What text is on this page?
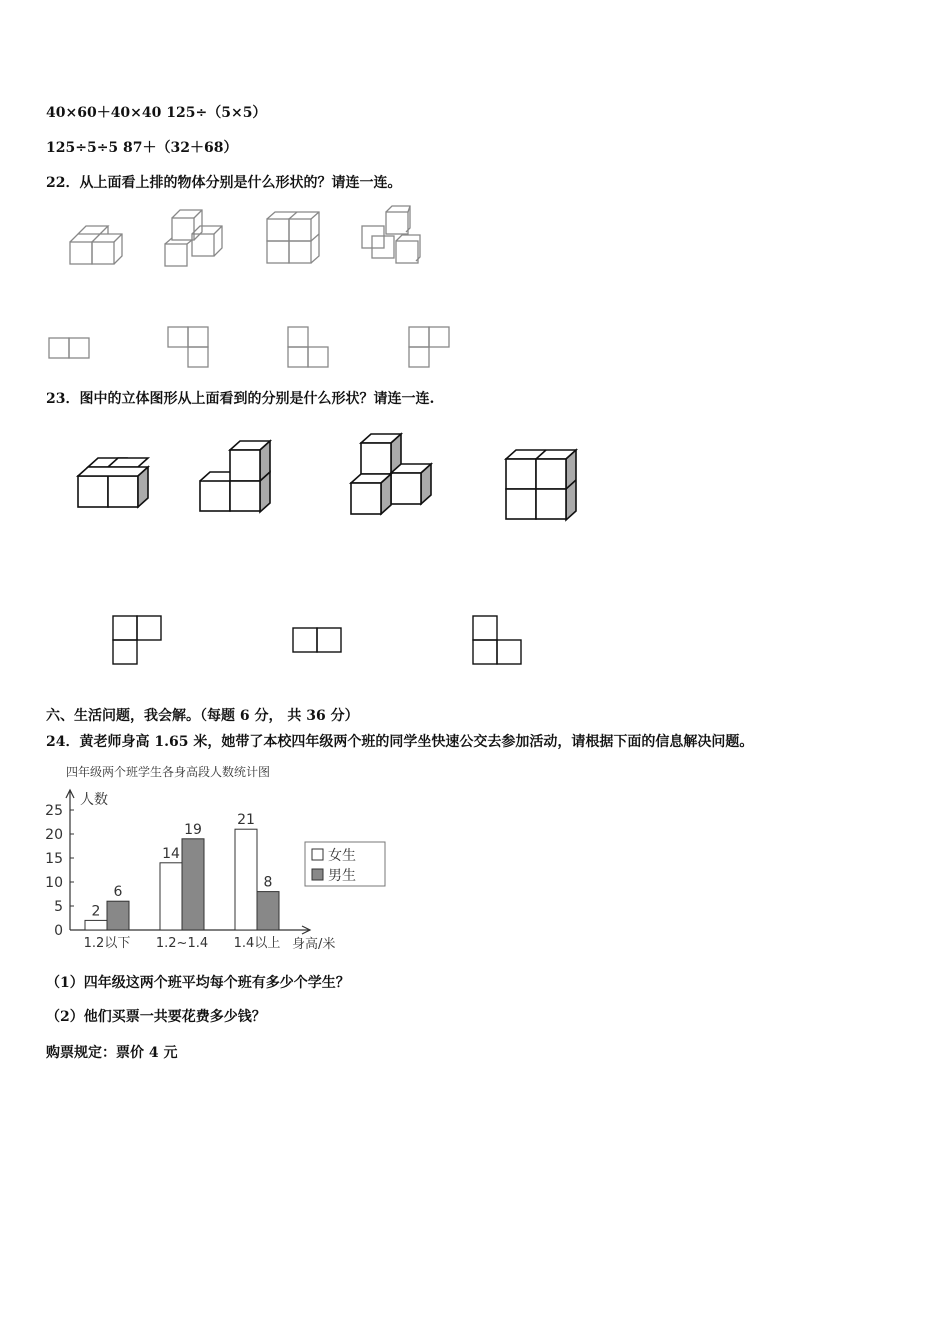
40×60＋40×40 125÷（5×5）
125÷5÷5 87＋（32＋68）
22．从上面看上排的物体分别是什么形状的？请连一连。
23．图中的立体图形从上面看到的分别是什么形状？请连一连.
六、生活问题，我会解。（每题 6 分， 共 36 分）
24．黄老师身高 1.65 米，她带了本校四年级两个班的同学坐快速公交去参加活动，请根据下面的信息解决问题。
四年级两个班学生各身高段人数统计图
0
5
10
15
20
25
人数
身高/米
2
6
1.2以下
14
19
1.2~1.4
21
8
1.4以上
女生
男生
（1）四年级这两个班平均每个班有多少个学生？
（2）他们买票一共要花费多少钱？
购票规定：票价 4 元
